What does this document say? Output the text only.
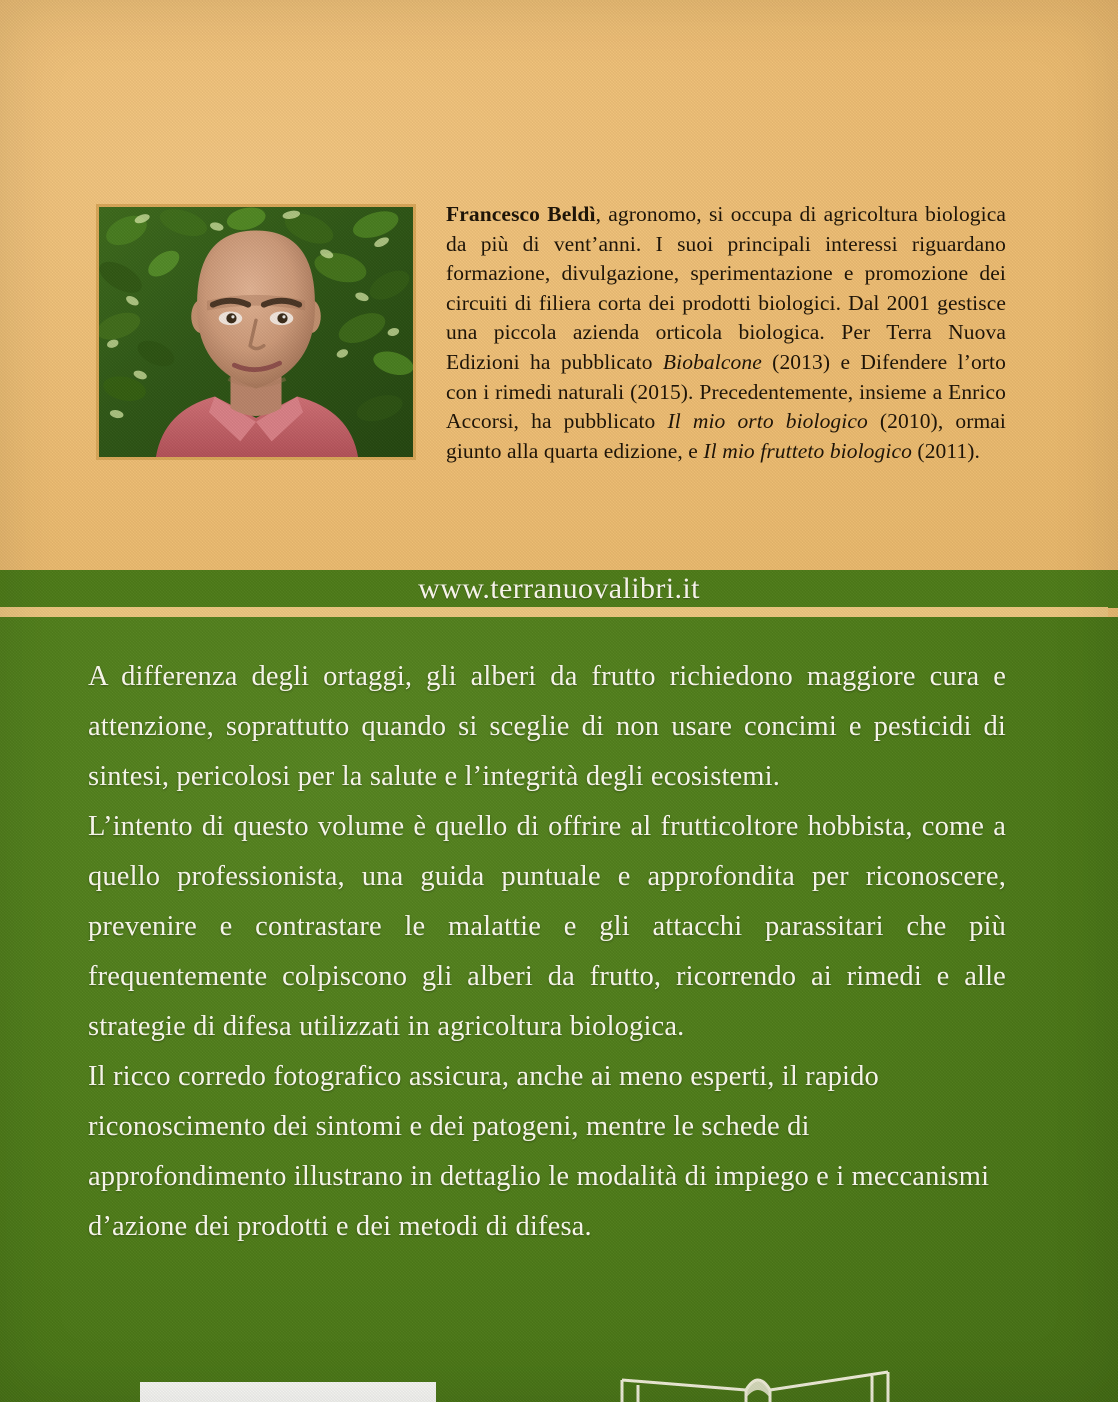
Francesco Beldì, agronomo, si occupa di agricoltura biologica da più di vent’anni. I suoi principali interessi riguardano formazione, divulgazione, sperimentazione e promozione dei circuiti di filiera corta dei prodotti biologici. Dal 2001 gestisce una piccola azienda orticola biologica. Per Terra Nuova Edizioni ha pubblicato Biobalcone (2013) e Difendere l’orto con i rimedi naturali (2015). Precedentemente, insieme a Enrico Accorsi, ha pubblicato Il mio orto biologico (2010), ormai giunto alla quarta edizione, e Il mio frutteto biologico (2011).
www.terranuovalibri.it

A differenza degli ortaggi, gli alberi da frutto richiedono maggiore cura e attenzione, soprattutto quando si sceglie di non usare concimi e pesticidi di sintesi, pericolosi per la salute e l’integrità degli ecosistemi.

L’intento di questo volume è quello di offrire al frutticoltore hobbista, come a quello professionista, una guida puntuale e approfondita per riconoscere, prevenire e contrastare le malattie e gli attacchi parassitari che più frequentemente colpiscono gli alberi da frutto, ricorrendo ai rimedi e alle strategie di difesa utilizzati in agricoltura biologica.

Il ricco corredo fotografico assicura, anche ai meno esperti, il rapido riconoscimento dei sintomi e dei patogeni, mentre le schede di approfondimento illustrano in dettaglio le modalità di impiego e i meccanismi d’azione dei prodotti e dei metodi di difesa.
